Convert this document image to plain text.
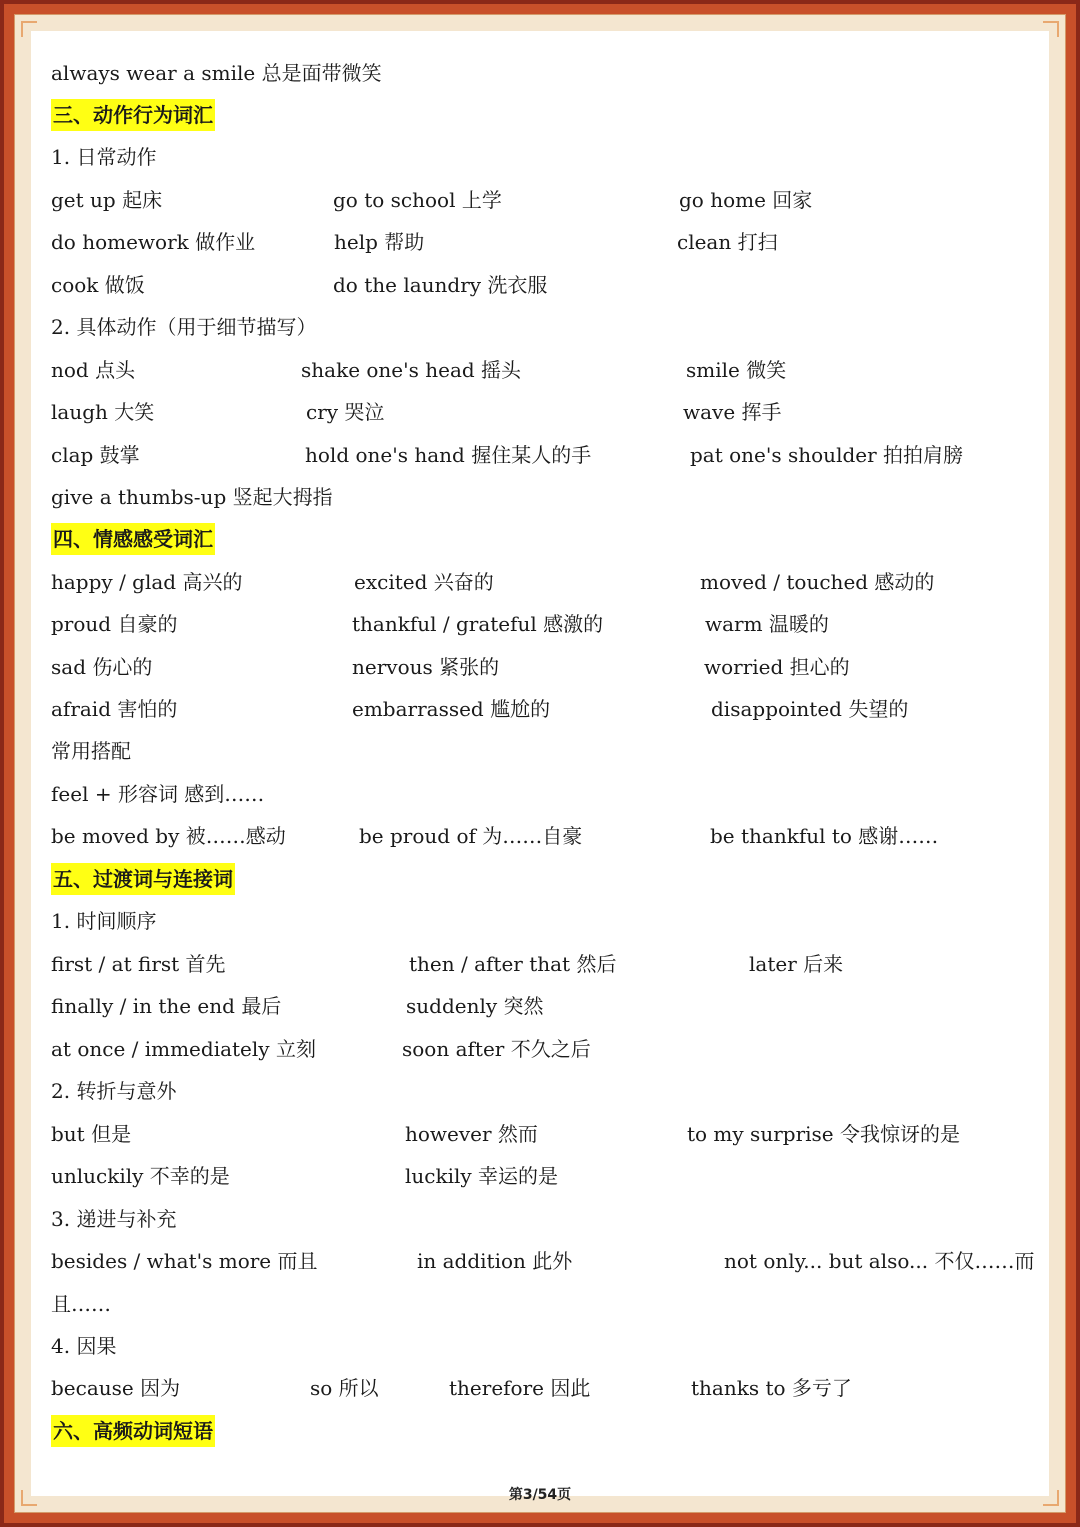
always wear a smile 总是面带微笑
三、动作行为词汇
1. 日常动作
get up 起床	go to school 上学	go home 回家
do homework 做作业	help 帮助	clean 打扫
cook 做饭	do the laundry 洗衣服
2. 具体动作（用于细节描写）
nod 点头	shake one's head 摇头	smile 微笑
laugh 大笑	cry 哭泣	wave 挥手
clap 鼓掌	hold one's hand 握住某人的手	pat one's shoulder 拍拍肩膀
give a thumbs-up 竖起大拇指
四、情感感受词汇
happy / glad 高兴的	excited 兴奋的	moved / touched 感动的
proud 自豪的	thankful / grateful 感激的	warm 温暖的
sad 伤心的	nervous 紧张的	worried 担心的
afraid 害怕的	embarrassed 尴尬的	disappointed 失望的
常用搭配
feel + 形容词 感到……
be moved by 被……感动	be proud of 为……自豪	be thankful to 感谢……
五、过渡词与连接词
1. 时间顺序
first / at first 首先	then / after that 然后	later 后来
finally / in the end 最后	suddenly 突然
at once / immediately 立刻	soon after 不久之后
2. 转折与意外
but 但是	however 然而	to my surprise 令我惊讶的是
unluckily 不幸的是	luckily 幸运的是
3. 递进与补充
besides / what's more 而且	in addition 此外	not only... but also... 不仅……而
且……
4. 因果
because 因为	so 所以	therefore 因此	thanks to 多亏了
六、高频动词短语
第3/54页
